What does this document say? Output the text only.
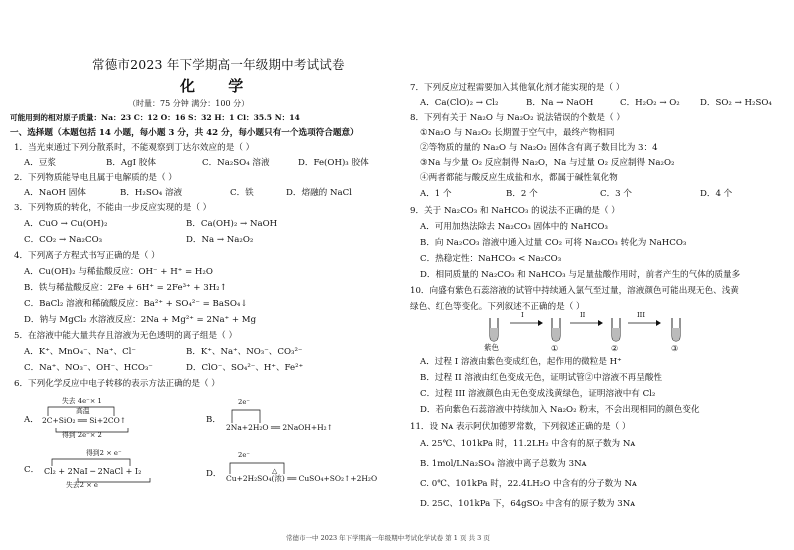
常德市2023 年下学期高一年级期中考试试卷
化 学
（时量：75 分钟 满分：100 分）
可能用到的相对原子质量：Na：23 C：12 O：16 S：32 H：1 Cl：35.5 N：14
一、选择题（本题包括 14 小题，每小题 3 分，共 42 分，每小题只有一个选项符合题意）
1．当光束通过下列分散系时，不能观察到丁达尔效应的是（ ）
A．豆浆	B．AgI 胶体	C．Na₂SO₄ 溶液	D．Fe(OH)₃ 胶体
2．下列物质能导电且属于电解质的是（ ）
A．NaOH 固体	B．H₂SO₄ 溶液	C．铁	D．熔融的 NaCl
3．下列物质的转化，不能由一步反应实现的是（ ）
A．CuO → Cu(OH)₂	B．Ca(OH)₂ → NaOH
C．CO₂ → Na₂CO₃	D．Na → Na₂O₂
4．下列离子方程式书写正确的是（ ）
A．Cu(OH)₂ 与稀盐酸反应：OH⁻ + H⁺ = H₂O
B．铁与稀盐酸反应：2Fe + 6H⁺ = 2Fe³⁺ + 3H₂↑
C．BaCl₂ 溶液和稀硫酸反应：Ba²⁺ + SO₄²⁻ = BaSO₄↓
D．钠与 MgCl₂ 水溶液反应：2Na + Mg²⁺ = 2Na⁺ + Mg
5．在溶液中能大量共存且溶液为无色透明的离子组是（ ）
A．K⁺、MnO₄⁻、Na⁺、Cl⁻	B．K⁺、Na⁺、NO₃⁻、CO₃²⁻
C．Na⁺、NO₃⁻、OH⁻、HCO₃⁻	D．ClO⁻、SO₄²⁻、H⁺、Fe²⁺
6．下列化学反应中电子转移的表示方法正确的是（ ）
A．
失去 4e⁻× 1
高温
2C+SiO₂ ══ Si+2CO↑
得到 2e⁻× 2
B．
2e⁻
2Na+2H₂O ══ 2NaOH+H₂↑
C．
得到2 × e⁻
Cl₂ + 2NaI ─ 2NaCl + I₂
失去2 × e
D．
2e⁻
△
Cu+2H₂SO₄(浓) ══ CuSO₄+SO₂↑+2H₂O
7．下列反应过程需要加入其他氧化剂才能实现的是（ ）
A．Ca(ClO)₂ → Cl₂	B．Na → NaOH	C．H₂O₂ → O₂ D．SO₂ → H₂SO₄
8．下列有关于 Na₂O 与 Na₂O₂ 说法错误的个数是（ ）
①Na₂O 与 Na₂O₂ 长期置于空气中，最终产物相同
②等物质的量的 Na₂O 与 Na₂O₂ 固体含有离子数目比为 3：4
③Na 与少量 O₂ 反应制得 Na₂O，Na 与过量 O₂ 反应制得 Na₂O₂
④两者都能与酸反应生成盐和水，都属于碱性氧化物
A．1 个	B．2 个	C．3 个	D．4 个
9．关于 Na₂CO₃ 和 NaHCO₃ 的说法不正确的是（ ）
A．可用加热法除去 Na₂CO₃ 固体中的 NaHCO₃
B．向 Na₂CO₃ 溶液中通入过量 CO₂ 可将 Na₂CO₃ 转化为 NaHCO₃
C．热稳定性：NaHCO₃ < Na₂CO₃
D．相同质量的 Na₂CO₃ 和 NaHCO₃ 与足量盐酸作用时，前者产生的气体的质量多
10．向盛有紫色石蕊溶液的试管中持续通入氯气至过量，溶液颜色可能出现无色、浅黄
绿色、红色等变化。下列叙述不正确的是（ ）
I	II	III
紫色	①	②	③
A．过程 I 溶液由紫色变成红色，起作用的微粒是 H⁺
B．过程 II 溶液由红色变成无色，证明试管②中溶液不再呈酸性
C．过程 III 溶液颜色由无色变成浅黄绿色，证明溶液中有 Cl₂
D．若向紫色石蕊溶液中持续加入 Na₂O₂ 粉末，不会出现相同的颜色变化
11．设 Nᴀ 表示阿伏加德罗常数，下列叙述正确的是（ ）
A. 25℃、101kPa 时，11.2LH₂ 中含有的原子数为 Nᴀ
B. 1mol/LNa₂SO₄ 溶液中离子总数为 3Nᴀ
C. 0℃、101kPa 时，22.4LH₂O 中含有的分子数为 Nᴀ
D. 25C、101kPa 下，64gSO₂ 中含有的原子数为 3Nᴀ
常德市一中 2023 年下学期高一年级期中考试化学试卷 第 1 页 共 3 页
